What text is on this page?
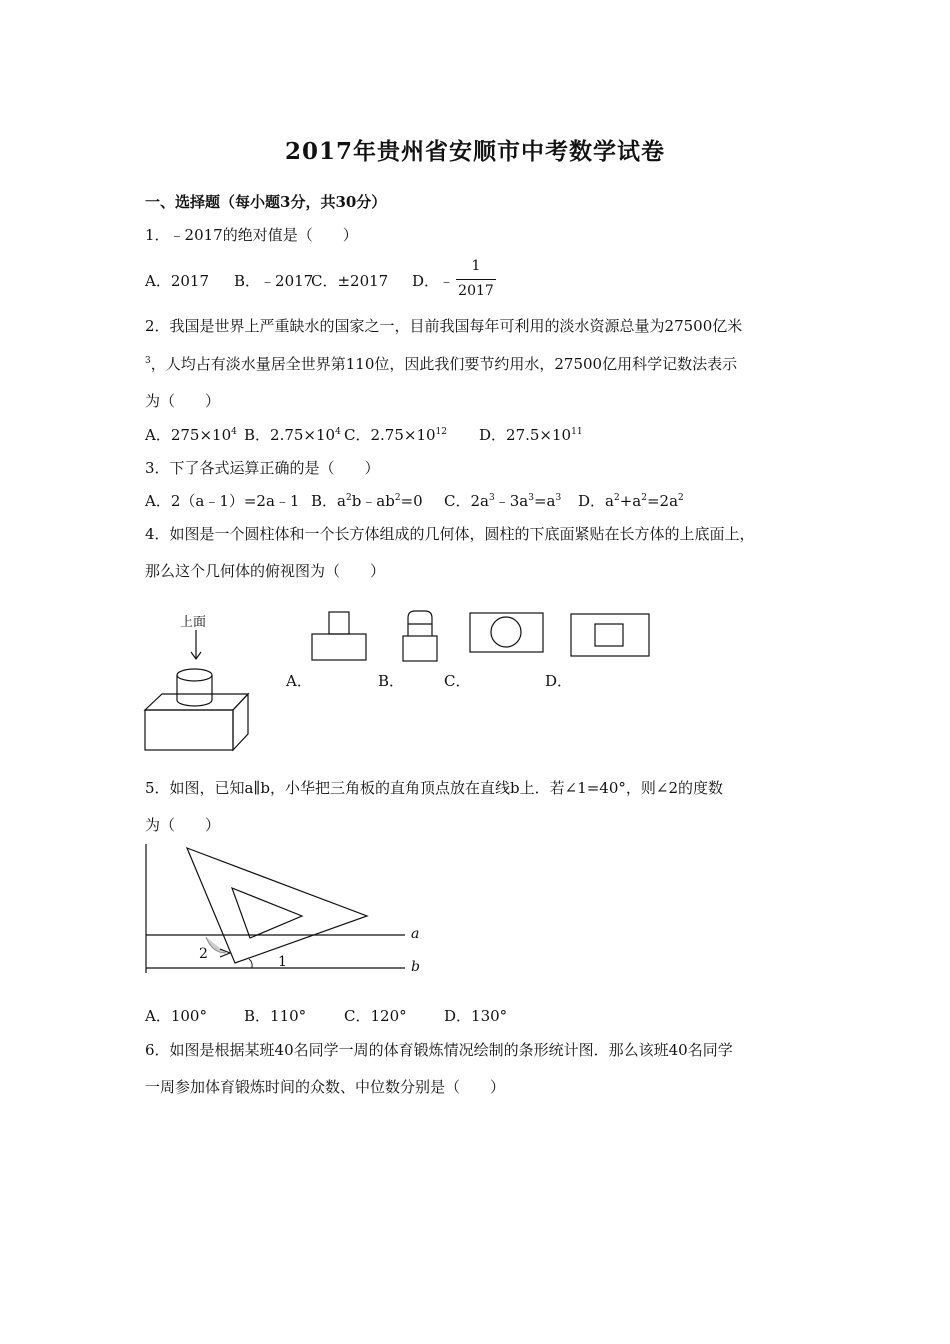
2017年贵州省安顺市中考数学试卷
一、选择题（每小题3分，共30分）
1．﹣2017的绝对值是（　　）
A．2017 B．﹣2017
C．±2017 D．﹣
1
2017
2．我国是世界上严重缺水的国家之一，目前我国每年可利用的淡水资源总量为27500亿米
$^3$，人均占有淡水量居全世界第110位，因此我们要节约用水，27500亿用科学记数法表示
为（　　）
A．$275\times 10^4$ B．$2.75\times 10^4$ C．$2.75\times 10^{12}$ D．$27.5\times 10^{11}$
3．下了各式运算正确的是（　　）
A．2（a﹣1）=2a﹣1 B．$a^2b﹣ab^2=0$ C．$2a^3﹣3a^3=a^3$ D．$a^2+a^2=2a^2$
4．如图是一个圆柱体和一个长方体组成的几何体，圆柱的下底面紧贴在长方体的上底面上，
那么这个几何体的俯视图为（　　）
上面
A．	B．	C．	D．
5．如图，已知a∥b，小华把三角板的直角顶点放在直线b上．若∠1=40°，则∠2的度数
为（　　）
a
b
2	1
A．100° B．110°	C．120° D．130°
6．如图是根据某班40名同学一周的体育锻炼情况绘制的条形统计图．那么该班40名同学
一周参加体育锻炼时间的众数、中位数分别是（　　）
